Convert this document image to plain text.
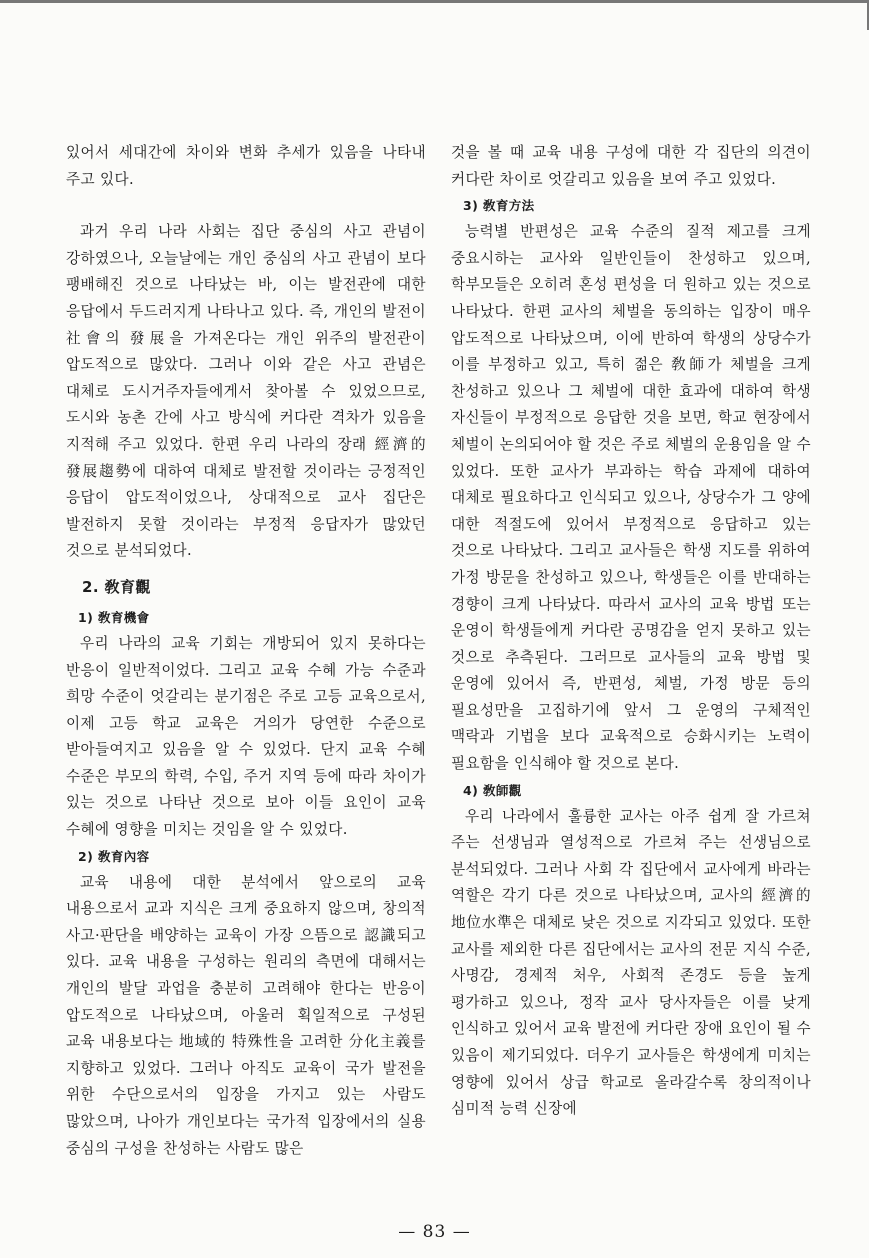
있어서 세대간에 차이와 변화 추세가 있음을 나타내 주고 있다.

과거 우리 나라 사회는 집단 중심의 사고 관념이 강하였으나, 오늘날에는 개인 중심의 사고 관념이 보다 팽배해진 것으로 나타났는 바, 이는 발전관에 대한 응답에서 두드러지게 나타나고 있다. 즉, 개인의 발전이 社會의 發展을 가져온다는 개인 위주의 발전관이 압도적으로 많았다. 그러나 이와 같은 사고 관념은 대체로 도시거주자들에게서 찾아볼 수 있었으므로, 도시와 농촌 간에 사고 방식에 커다란 격차가 있음을 지적해 주고 있었다. 한편 우리 나라의 장래 經濟的 發展趨勢에 대하여 대체로 발전할 것이라는 긍정적인 응답이 압도적이었으나, 상대적으로 교사 집단은 발전하지 못할 것이라는 부정적 응답자가 많았던 것으로 분석되었다.

2. 敎育觀
1) 敎育機會

우리 나라의 교육 기회는 개방되어 있지 못하다는 반응이 일반적이었다. 그리고 교육 수혜 가능 수준과 희망 수준이 엇갈리는 분기점은 주로 고등 교육으로서, 이제 고등 학교 교육은 거의가 당연한 수준으로 받아들여지고 있음을 알 수 있었다. 단지 교육 수혜 수준은 부모의 학력, 수입, 주거 지역 등에 따라 차이가 있는 것으로 나타난 것으로 보아 이들 요인이 교육 수혜에 영향을 미치는 것임을 알 수 있었다.

2) 敎育內容

교육 내용에 대한 분석에서 앞으로의 교육 내용으로서 교과 지식은 크게 중요하지 않으며, 창의적 사고·판단을 배양하는 교육이 가장 으뜸으로 認識되고 있다. 교육 내용을 구성하는 원리의 측면에 대해서는 개인의 발달 과업을 충분히 고려해야 한다는 반응이 압도적으로 나타났으며, 아울러 획일적으로 구성된 교육 내용보다는 地域的 特殊性을 고려한 分化主義를 지향하고 있었다. 그러나 아직도 교육이 국가 발전을 위한 수단으로서의 입장을 가지고 있는 사람도 많았으며, 나아가 개인보다는 국가적 입장에서의 실용 중심의 구성을 찬성하는 사람도 많은

것을 볼 때 교육 내용 구성에 대한 각 집단의 의견이 커다란 차이로 엇갈리고 있음을 보여 주고 있었다.

3) 敎育方法

능력별 반편성은 교육 수준의 질적 제고를 크게 중요시하는 교사와 일반인들이 찬성하고 있으며, 학부모들은 오히려 혼성 편성을 더 원하고 있는 것으로 나타났다. 한편 교사의 체벌을 동의하는 입장이 매우 압도적으로 나타났으며, 이에 반하여 학생의 상당수가 이를 부정하고 있고, 특히 젊은 敎師가 체벌을 크게 찬성하고 있으나 그 체벌에 대한 효과에 대하여 학생 자신들이 부정적으로 응답한 것을 보면, 학교 현장에서 체벌이 논의되어야 할 것은 주로 체벌의 운용임을 알 수 있었다. 또한 교사가 부과하는 학습 과제에 대하여 대체로 필요하다고 인식되고 있으나, 상당수가 그 양에 대한 적절도에 있어서 부정적으로 응답하고 있는 것으로 나타났다. 그리고 교사들은 학생 지도를 위하여 가정 방문을 찬성하고 있으나, 학생들은 이를 반대하는 경향이 크게 나타났다. 따라서 교사의 교육 방법 또는 운영이 학생들에게 커다란 공명감을 얻지 못하고 있는 것으로 추측된다. 그러므로 교사들의 교육 방법 및 운영에 있어서 즉, 반편성, 체벌, 가정 방문 등의 필요성만을 고집하기에 앞서 그 운영의 구체적인 맥락과 기법을 보다 교육적으로 승화시키는 노력이 필요함을 인식해야 할 것으로 본다.

4) 敎師觀

우리 나라에서 훌륭한 교사는 아주 쉽게 잘 가르쳐 주는 선생님과 열성적으로 가르쳐 주는 선생님으로 분석되었다. 그러나 사회 각 집단에서 교사에게 바라는 역할은 각기 다른 것으로 나타났으며, 교사의 經濟的 地位水準은 대체로 낮은 것으로 지각되고 있었다. 또한 교사를 제외한 다른 집단에서는 교사의 전문 지식 수준, 사명감, 경제적 처우, 사회적 존경도 등을 높게 평가하고 있으나, 정작 교사 당사자들은 이를 낮게 인식하고 있어서 교육 발전에 커다란 장애 요인이 될 수 있음이 제기되었다. 더우기 교사들은 학생에게 미치는 영향에 있어서 상급 학교로 올라갈수록 창의적이나 심미적 능력 신장에

— 83 —
